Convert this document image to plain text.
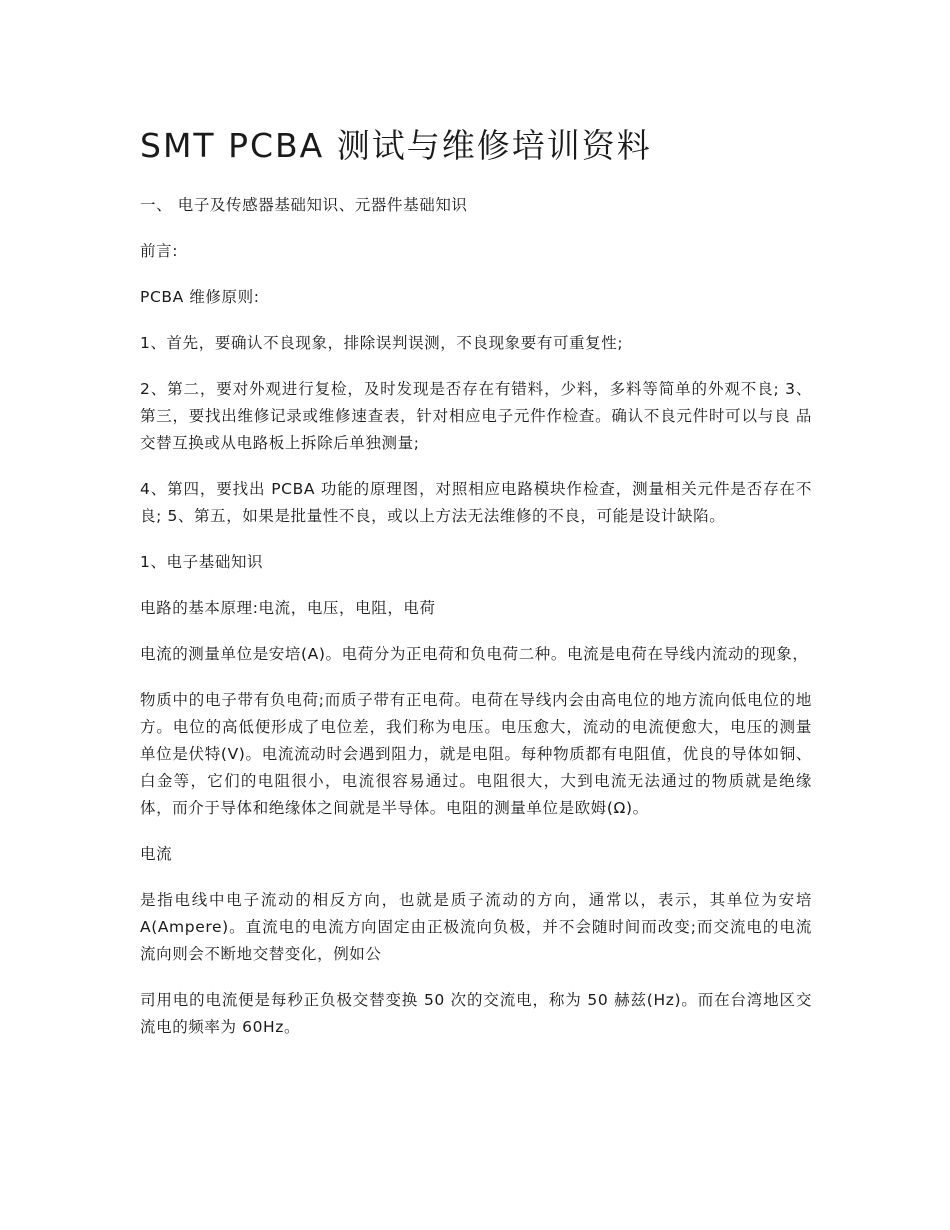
SMT PCBA 测试与维修培训资料

一、 电子及传感器基础知识、元器件基础知识

前言:

PCBA 维修原则:

1、首先，要确认不良现象，排除误判误测，不良现象要有可重复性;

2、第二，要对外观进行复检，及时发现是否存在有错料，少料，多料等简单的外观不良; 3、第三，要找出维修记录或维修速查表，针对相应电子元件作检查。确认不良元件时可以与良 品交替互换或从电路板上拆除后单独测量;

4、第四，要找出 PCBA 功能的原理图，对照相应电路模块作检查，测量相关元件是否存在不良; 5、第五，如果是批量性不良，或以上方法无法维修的不良，可能是设计缺陷。

1、电子基础知识

电路的基本原理:电流，电压，电阻，电荷

电流的测量单位是安培(A)。电荷分为正电荷和负电荷二种。电流是电荷在导线内流动的现象，

物质中的电子带有负电荷;而质子带有正电荷。电荷在导线内会由高电位的地方流向低电位的地方。电位的高低便形成了电位差，我们称为电压。电压愈大，流动的电流便愈大，电压的测量单位是伏特(V)。电流流动时会遇到阻力，就是电阻。每种物质都有电阻值，优良的导体如铜、白金等，它们的电阻很小，电流很容易通过。电阻很大，大到电流无法通过的物质就是绝缘体，而介于导体和绝缘体之间就是半导体。电阻的测量单位是欧姆(Ω)。

电流

是指电线中电子流动的相反方向，也就是质子流动的方向，通常以，表示，其单位为安培 A(Ampere)。直流电的电流方向固定由正极流向负极，并不会随时间而改变;而交流电的电流流向则会不断地交替变化，例如公

司用电的电流便是每秒正负极交替变换 50 次的交流电，称为 50 赫兹(Hz)。而在台湾地区交流电的频率为 60Hz。
